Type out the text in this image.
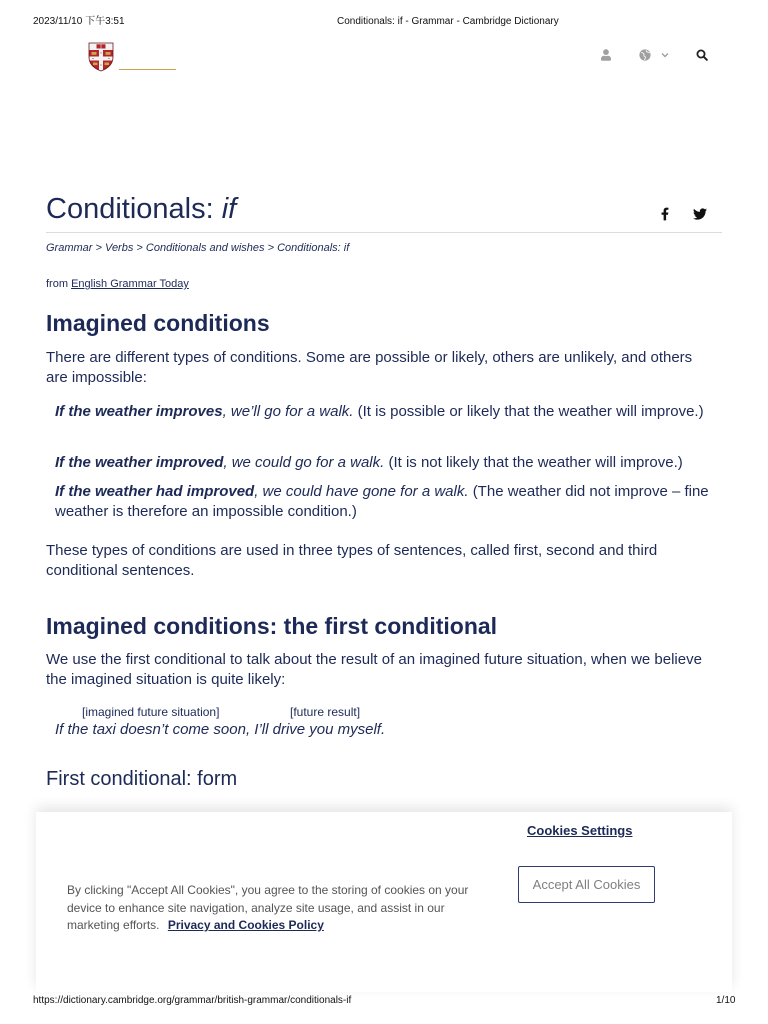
2023/11/10 下午3:51	Conditionals: if - Grammar - Cambridge Dictionary
Conditionals: if
Grammar > Verbs > Conditionals and wishes > Conditionals: if
from English Grammar Today
Imagined conditions

There are different types of conditions. Some are possible or likely, others are unlikely, and others are impossible:

If the weather improves, we’ll go for a walk. (It is possible or likely that the weather will improve.)
If the weather improved, we could go for a walk. (It is not likely that the weather will improve.)
If the weather had improved, we could have gone for a walk. (The weather did not improve – fine weather is therefore an impossible condition.)

These types of conditions are used in three types of sentences, called first, second and third conditional sentences.

Imagined conditions: the first conditional

We use the first conditional to talk about the result of an imagined future situation, when we believe the imagined situation is quite likely:

[imagined future situation]	[future result]
If the taxi doesn’t come soon, I’ll drive you myself.
First conditional: form
Cookies Settings
Accept All Cookies

By clicking "Accept All Cookies", you agree to the storing of cookies on your device to enhance site navigation, analyze site usage, and assist in our marketing efforts. Privacy and Cookies Policy

https://dictionary.cambridge.org/grammar/british-grammar/conditionals-if	1/10
